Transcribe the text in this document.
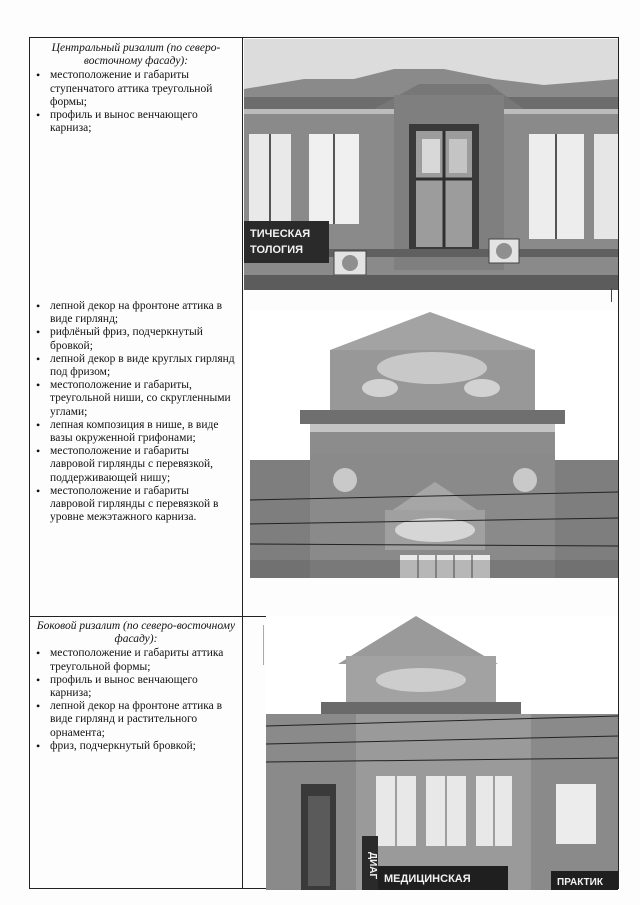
Центральный ризалит (по северо-восточному фасаду):
• местоположение и габариты ступенчатого аттика треугольной формы;
• профиль и вынос венчающего карниза;
• лепной декор на фронтоне аттика в виде гирлянд;
• рифлёный фриз, подчеркнутый бровкой;
• лепной декор в виде круглых гирлянд под фризом;
• местоположение и габариты, треугольной ниши, со скругленными углами;
• лепная композиция в нише, в виде вазы окруженной грифонами;
• местоположение и габариты лавровой гирлянды с перевязкой, поддерживающей нишу;
• местоположение и габариты лавровой гирлянды с перевязкой в уровне межэтажного карниза.
Боковой ризалит (по северо-восточному фасаду):
• местоположение и габариты аттика треугольной формы;
• профиль и вынос венчающего карниза;
• лепной декор на фронтоне аттика в виде гирлянд и растительного орнамента;
• фриз, подчеркнутый бровкой;
ТИЧЕСКАЯ
ТОЛОГИЯ
ДИАГ МЕДИЦИНСКАЯ	ПРАКТИК
